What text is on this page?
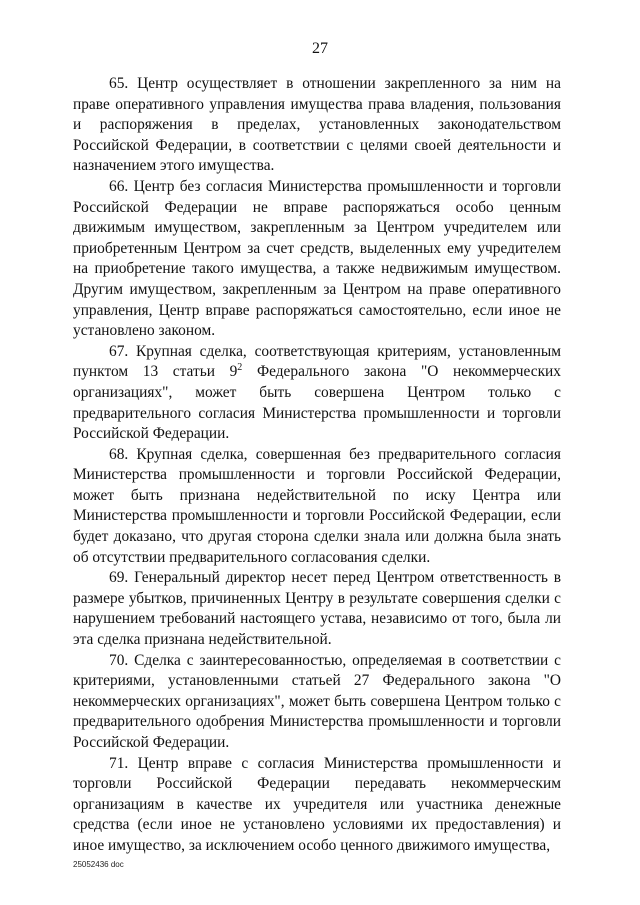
27

65. Центр осуществляет в отношении закрепленного за ним на праве оперативного управления имущества права владения, пользования и распоряжения в пределах, установленных законодательством Российской Федерации, в соответствии с целями своей деятельности и назначением этого имущества.

66. Центр без согласия Министерства промышленности и торговли Российской Федерации не вправе распоряжаться особо ценным движимым имуществом, закрепленным за Центром учредителем или приобретенным Центром за счет средств, выделенных ему учредителем на приобретение такого имущества, а также недвижимым имуществом. Другим имуществом, закрепленным за Центром на праве оперативного управления, Центр вправе распоряжаться самостоятельно, если иное не установлено законом.

67. Крупная сделка, соответствующая критериям, установленным пунктом 13 статьи $9^2$ Федерального закона "О некоммерческих организациях", может быть совершена Центром только с предварительного согласия Министерства промышленности и торговли Российской Федерации.

68. Крупная сделка, совершенная без предварительного согласия Министерства промышленности и торговли Российской Федерации, может быть признана недействительной по иску Центра или Министерства промышленности и торговли Российской Федерации, если будет доказано, что другая сторона сделки знала или должна была знать об отсутствии предварительного согласования сделки.

69. Генеральный директор несет перед Центром ответственность в размере убытков, причиненных Центру в результате совершения сделки с нарушением требований настоящего устава, независимо от того, была ли эта сделка признана недействительной.

70. Сделка с заинтересованностью, определяемая в соответствии с критериями, установленными статьей 27 Федерального закона "О некоммерческих организациях", может быть совершена Центром только с предварительного одобрения Министерства промышленности и торговли Российской Федерации.

71. Центр вправе с согласия Министерства промышленности и торговли Российской Федерации передавать некоммерческим организациям в качестве их учредителя или участника денежные средства (если иное не установлено условиями их предоставления) и иное имущество, за исключением особо ценного движимого имущества,

25052436 doc
